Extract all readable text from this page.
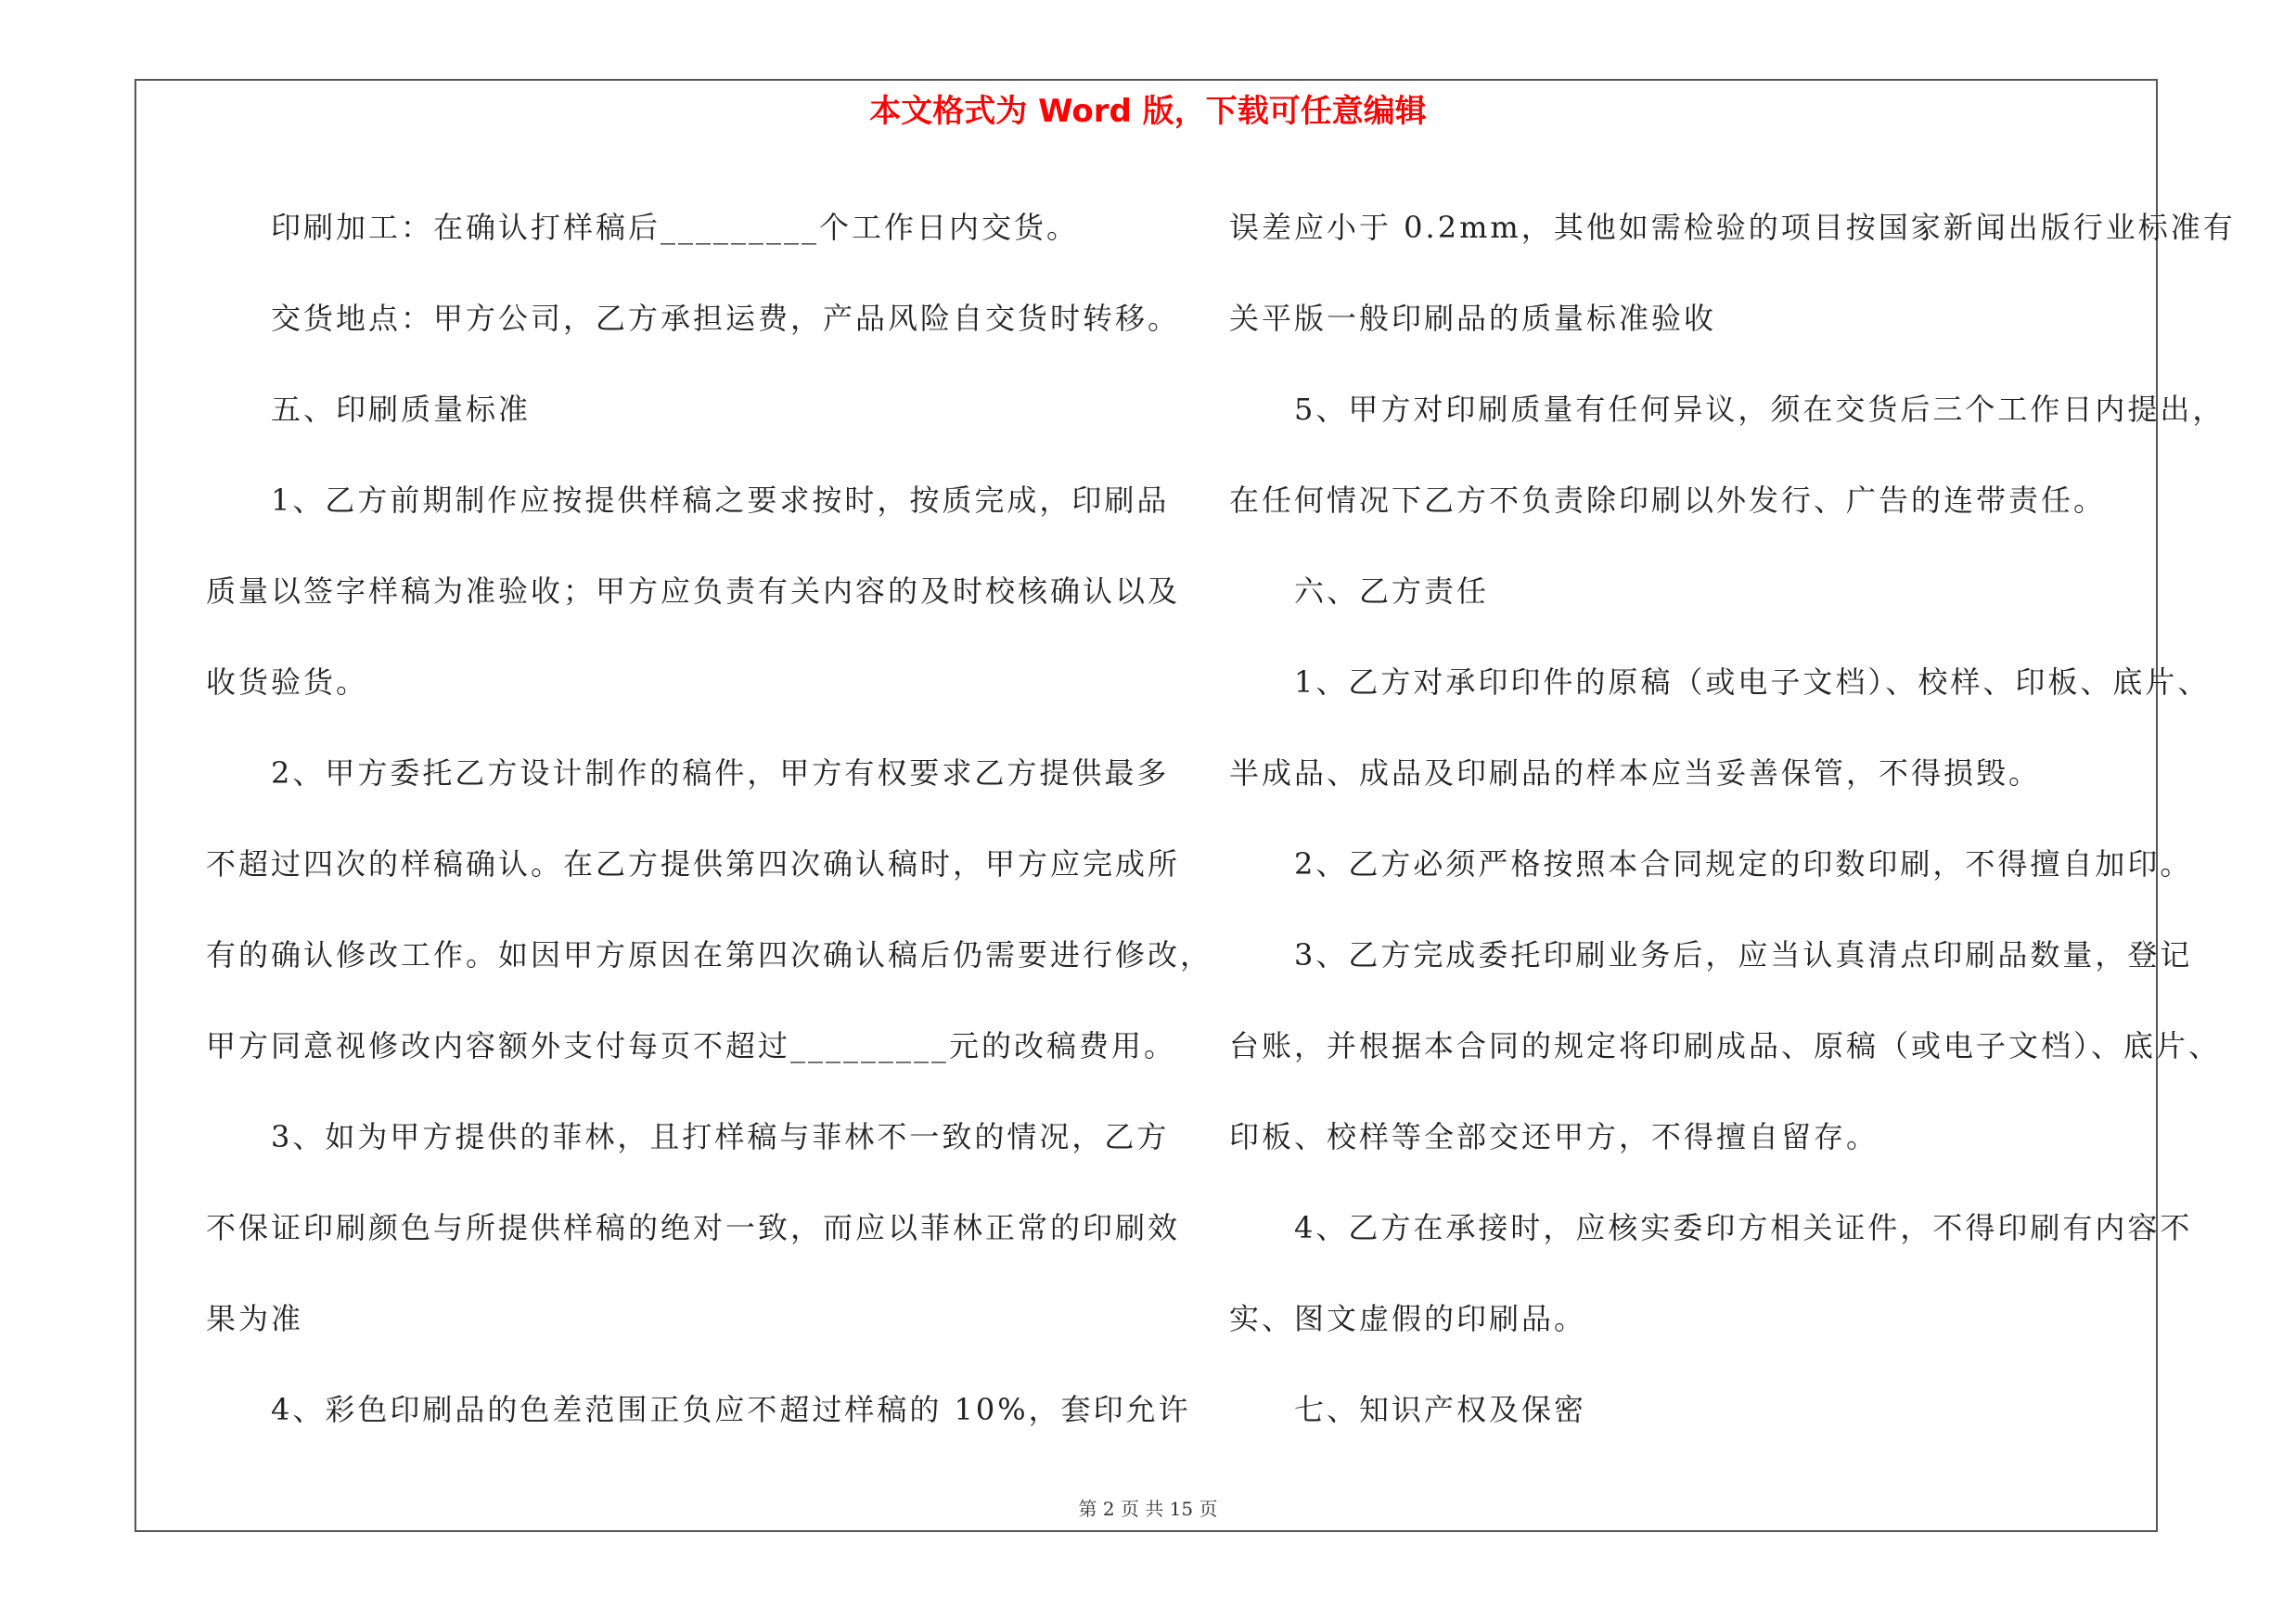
本文格式为 Word 版，下载可任意编辑
　　印刷加工：在确认打样稿后_________个工作日内交货。
　　交货地点：甲方公司，乙方承担运费，产品风险自交货时转移。
　　五、印刷质量标准
　　1、乙方前期制作应按提供样稿之要求按时，按质完成，印刷品
质量以签字样稿为准验收；甲方应负责有关内容的及时校核确认以及
收货验货。
　　2、甲方委托乙方设计制作的稿件，甲方有权要求乙方提供最多
不超过四次的样稿确认。在乙方提供第四次确认稿时，甲方应完成所
有的确认修改工作。如因甲方原因在第四次确认稿后仍需要进行修改，
甲方同意视修改内容额外支付每页不超过_________元的改稿费用。
　　3、如为甲方提供的菲林，且打样稿与菲林不一致的情况，乙方
不保证印刷颜色与所提供样稿的绝对一致，而应以菲林正常的印刷效
果为准
　　4、彩色印刷品的色差范围正负应不超过样稿的 10%，套印允许
误差应小于 0.2mm，其他如需检验的项目按国家新闻出版行业标准有
关平版一般印刷品的质量标准验收
　　5、甲方对印刷质量有任何异议，须在交货后三个工作日内提出，
在任何情况下乙方不负责除印刷以外发行、广告的连带责任。
　　六、乙方责任
　　1、乙方对承印印件的原稿（或电子文档）、校样、印板、底片、
半成品、成品及印刷品的样本应当妥善保管，不得损毁。
　　2、乙方必须严格按照本合同规定的印数印刷，不得擅自加印。
　　3、乙方完成委托印刷业务后，应当认真清点印刷品数量，登记
台账，并根据本合同的规定将印刷成品、原稿（或电子文档）、底片、
印板、校样等全部交还甲方，不得擅自留存。
　　4、乙方在承接时，应核实委印方相关证件，不得印刷有内容不
实、图文虚假的印刷品。
　　七、知识产权及保密
第 2 页 共 15 页
